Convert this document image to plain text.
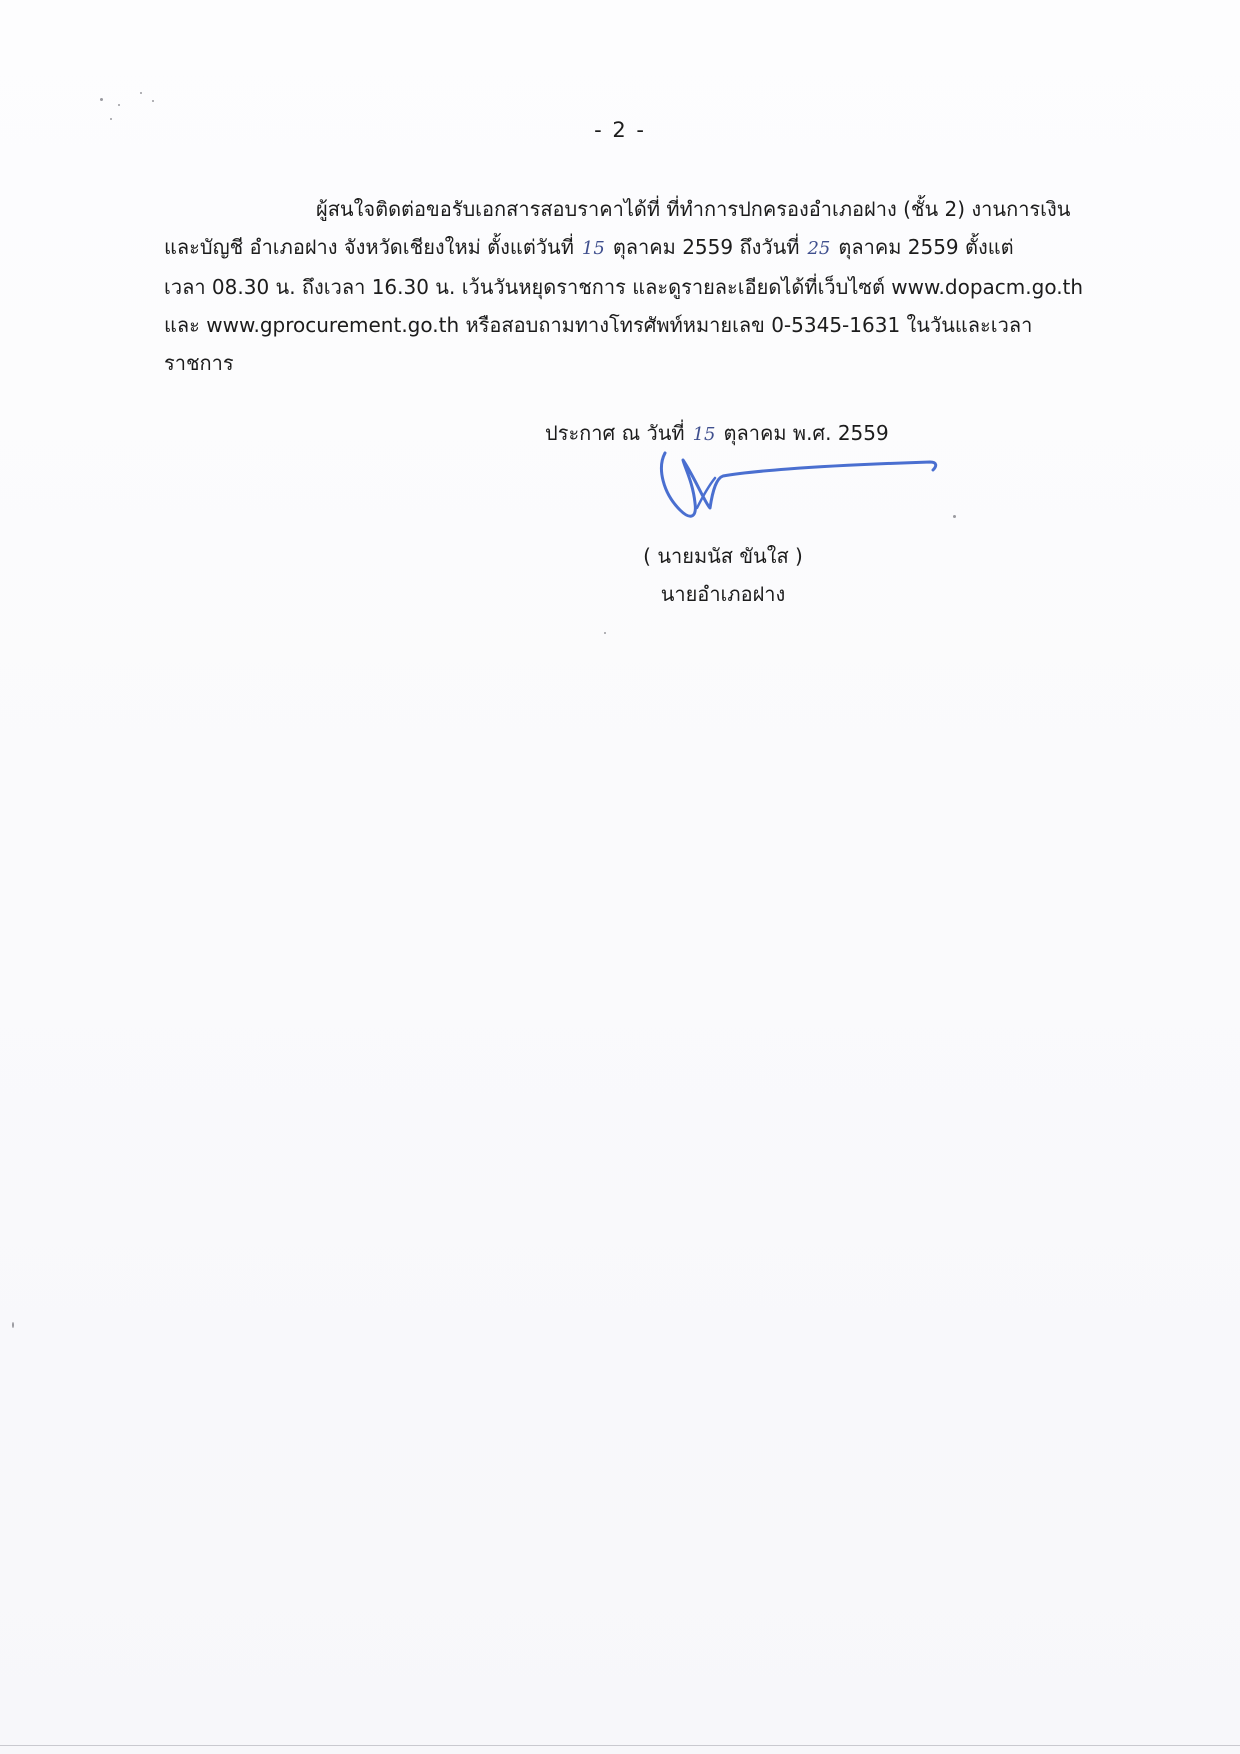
- 2 -
ผู้สนใจติดต่อขอรับเอกสารสอบราคาได้ที่ ที่ทำการปกครองอำเภอฝาง (ชั้น 2) งานการเงิน
และบัญชี อำเภอฝาง จังหวัดเชียงใหม่ ตั้งแต่วันที่ 15 ตุลาคม 2559 ถึงวันที่ 25 ตุลาคม 2559 ตั้งแต่
เวลา 08.30 น. ถึงเวลา 16.30 น. เว้นวันหยุดราชการ และดูรายละเอียดได้ที่เว็บไซต์ www.dopacm.go.th
และ www.gprocurement.go.th หรือสอบถามทางโทรศัพท์หมายเลข 0-5345-1631 ในวันและเวลา
ราชการ
ประกาศ ณ วันที่ 15 ตุลาคม พ.ศ. 2559
( นายมนัส ขันใส )
นายอำเภอฝาง
